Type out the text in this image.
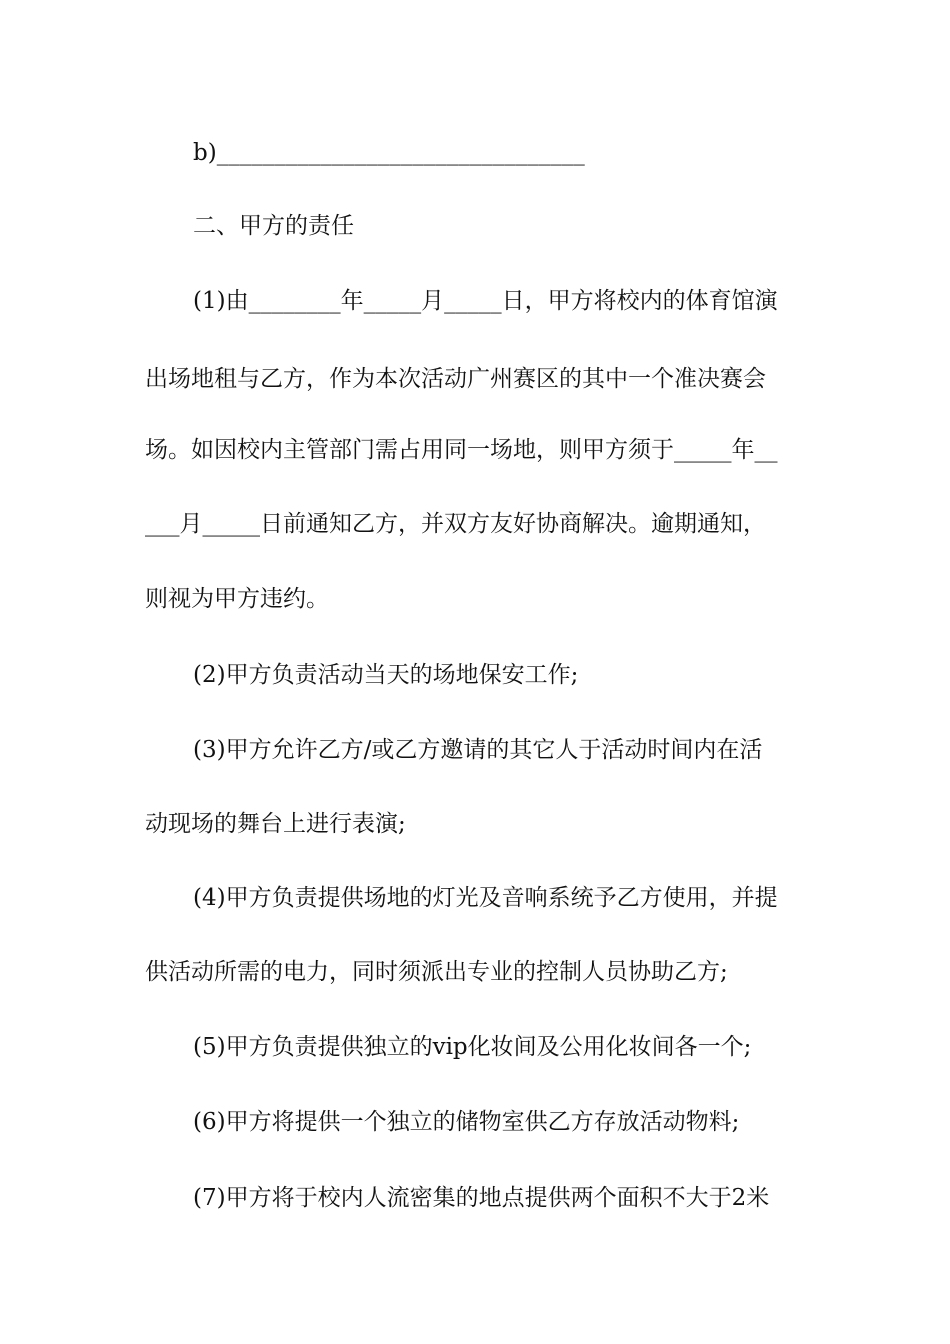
b)________________________________
二、甲方的责任
(1)由________年_____月_____日，甲方将校内的体育馆演
出场地租与乙方，作为本次活动广州赛区的其中一个准决赛会
场。如因校内主管部门需占用同一场地，则甲方须于_____年__
___月_____日前通知乙方，并双方友好协商解决。逾期通知，
则视为甲方违约。
(2)甲方负责活动当天的场地保安工作;
(3)甲方允许乙方/或乙方邀请的其它人于活动时间内在活
动现场的舞台上进行表演;
(4)甲方负责提供场地的灯光及音响系统予乙方使用，并提
供活动所需的电力，同时须派出专业的控制人员协助乙方;
(5)甲方负责提供独立的vip化妆间及公用化妆间各一个;
(6)甲方将提供一个独立的储物室供乙方存放活动物料;
(7)甲方将于校内人流密集的地点提供两个面积不大于2米
